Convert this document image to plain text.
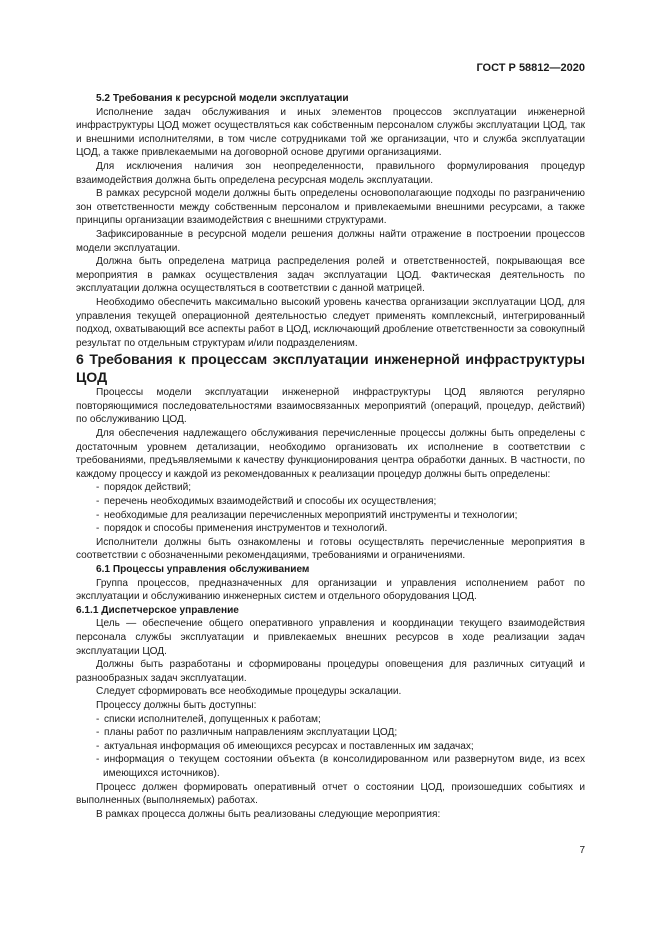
ГОСТ Р 58812—2020

5.2 Требования к ресурсной модели эксплуатации

Исполнение задач обслуживания и иных элементов процессов эксплуатации инженерной инфраструктуры ЦОД может осуществляться как собственным персоналом службы эксплуатации ЦОД, так и внешними исполнителями, в том числе сотрудниками той же организации, что и служба эксплуатации ЦОД, а также привлекаемыми на договорной основе другими организациями.

Для исключения наличия зон неопределенности, правильного формулирования процедур взаимодействия должна быть определена ресурсная модель эксплуатации.

В рамках ресурсной модели должны быть определены основополагающие подходы по разграничению зон ответственности между собственным персоналом и привлекаемыми внешними ресурсами, а также принципы организации взаимодействия с внешними структурами.

Зафиксированные в ресурсной модели решения должны найти отражение в построении процессов модели эксплуатации.

Должна быть определена матрица распределения ролей и ответственностей, покрывающая все мероприятия в рамках осуществления задач эксплуатации ЦОД. Фактическая деятельность по эксплуатации должна осуществляться в соответствии с данной матрицей.

Необходимо обеспечить максимально высокий уровень качества организации эксплуатации ЦОД, для управления текущей операционной деятельностью следует применять комплексный, интегрированный подход, охватывающий все аспекты работ в ЦОД, исключающий дробление ответственности за совокупный результат по отдельным структурам и/или подразделениям.

6 Требования к процессам эксплуатации инженерной инфраструктуры ЦОД

Процессы модели эксплуатации инженерной инфраструктуры ЦОД являются регулярно повторяющимися последовательностями взаимосвязанных мероприятий (операций, процедур, действий) по обслуживанию ЦОД.

Для обеспечения надлежащего обслуживания перечисленные процессы должны быть определены с достаточным уровнем детализации, необходимо организовать их исполнение в соответствии с требованиями, предъявляемыми к качеству функционирования центра обработки данных. В частности, по каждому процессу и каждой из рекомендованных к реализации процедур должны быть определены:

- порядок действий;
- перечень необходимых взаимодействий и способы их осуществления;
- необходимые для реализации перечисленных мероприятий инструменты и технологии;
- порядок и способы применения инструментов и технологий.

Исполнители должны быть ознакомлены и готовы осуществлять перечисленные мероприятия в соответствии с обозначенными рекомендациями, требованиями и ограничениями.

6.1 Процессы управления обслуживанием

Группа процессов, предназначенных для организации и управления исполнением работ по эксплуатации и обслуживанию инженерных систем и отдельного оборудования ЦОД.

6.1.1 Диспетчерское управление

Цель — обеспечение общего оперативного управления и координации текущего взаимодействия персонала службы эксплуатации и привлекаемых внешних ресурсов в ходе реализации задач эксплуатации ЦОД.

Должны быть разработаны и сформированы процедуры оповещения для различных ситуаций и разнообразных задач эксплуатации.

Следует сформировать все необходимые процедуры эскалации.

Процессу должны быть доступны:

- списки исполнителей, допущенных к работам;
- планы работ по различным направлениям эксплуатации ЦОД;
- актуальная информация об имеющихся ресурсах и поставленных им задачах;
- информация о текущем состоянии объекта (в консолидированном или развернутом виде, из всех имеющихся источников).

Процесс должен формировать оперативный отчет о состоянии ЦОД, произошедших событиях и выполненных (выполняемых) работах.

В рамках процесса должны быть реализованы следующие мероприятия:

7
